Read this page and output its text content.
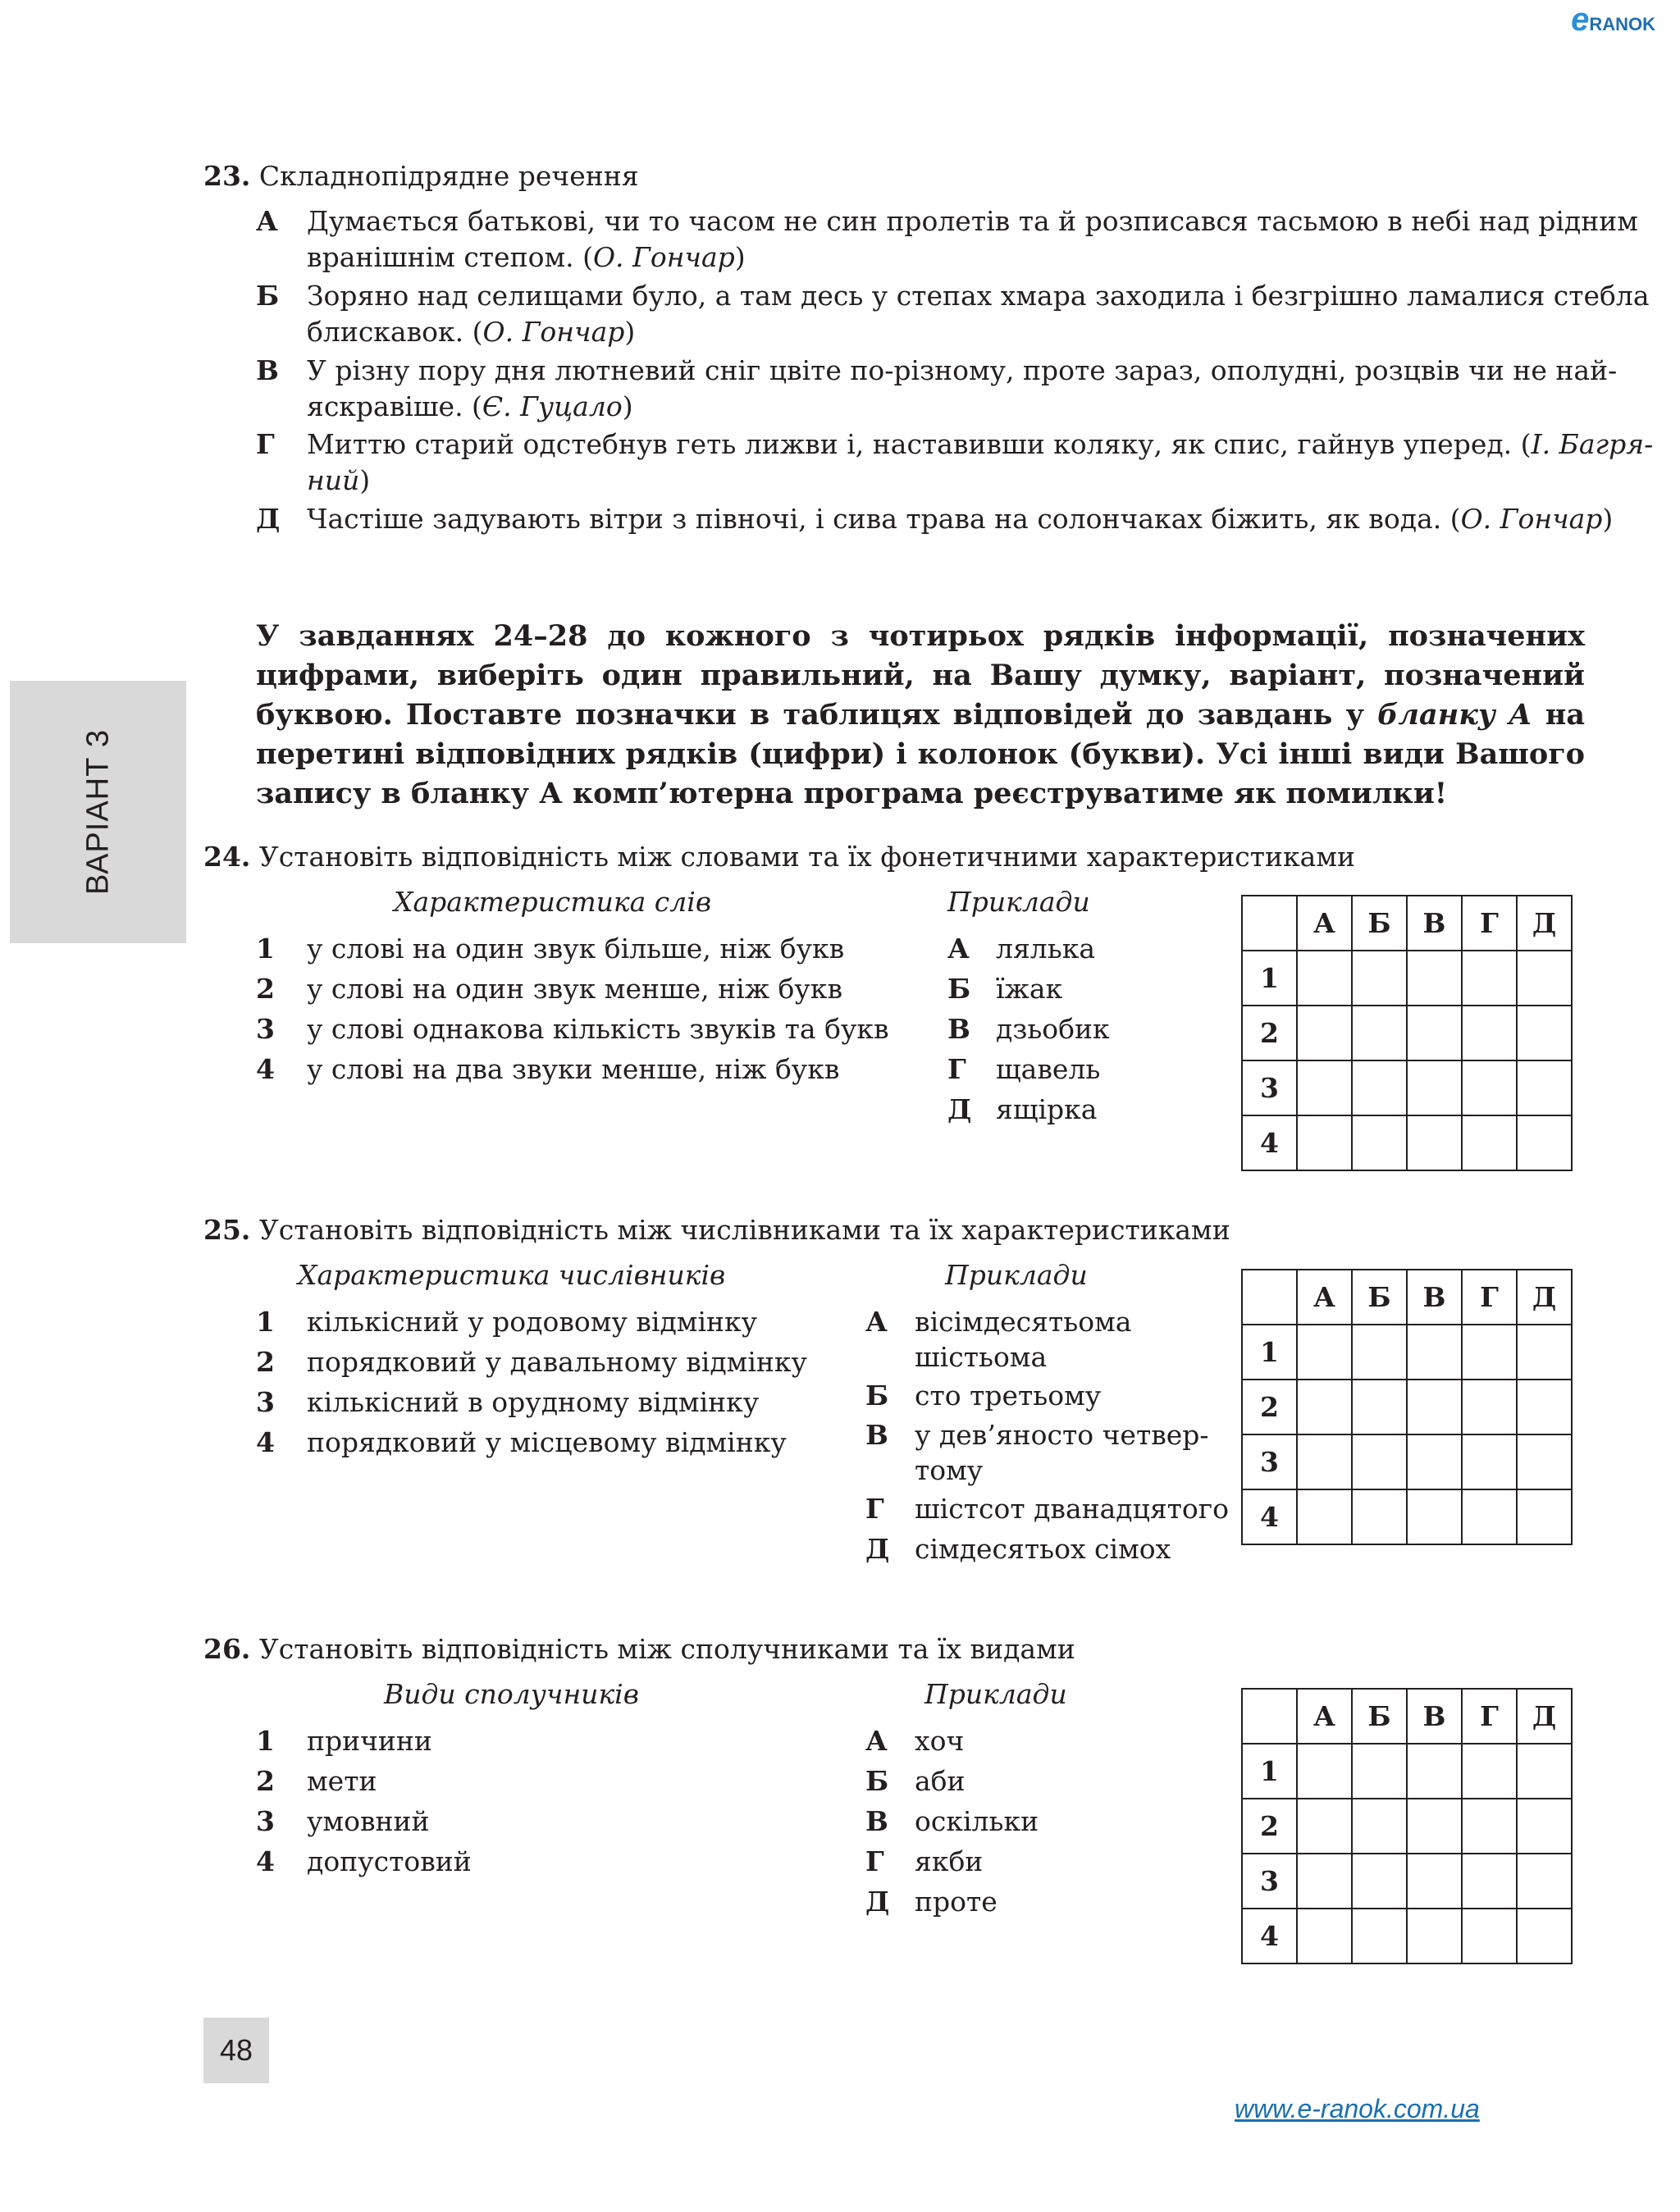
eRANOK
ВАРІАНТ 3
23. Складнопідрядне речення
А Думається батькові, чи то часом не син пролетів та й розписався тасьмою в небі над рідним
вранішнім степом. (О. Гончар)
Б Зоряно над селищами було, а там десь у степах хмара заходила і безгрішно ламалися стебла
блискавок. (О. Гончар)
В У різну пору дня лютневий сніг цвіте по-різному, проте зараз, ополудні, розцвів чи не най-
яскравіше. (Є. Гуцало)
Г Миттю старий одстебнув геть лижви і, наставивши коляку, як спис, гайнув уперед. (І. Багря-
ний)
Д Частіше задувають вітри з півночі, і сива трава на солончаках біжить, як вода. (О. Гончар)
У завданнях 24–28 до кожного з чотирьох рядків інформації, позначених цифрами, виберіть один правильний, на Вашу думку, варіант, позначений буквою. Поставте позначки в таблицях відповідей до завдань у бланку А на перетині відповідних рядків (цифри) і колонок (букви). Усі інші види Вашого запису в бланку А комп’ютерна програма реєструватиме як помилки!
24. Установіть відповідність між словами та їх фонетичними характеристиками
Характеристика слів	Приклади
1 у слові на один звук більше, ніж букв
2 у слові на один звук менше, ніж букв
3 у слові однакова кількість звуків та букв
4 у слові на два звуки менше, ніж букв
А лялька
Б їжак
В дзьобик
Г щавель
Д ящірка
	А	Б	В	Г	Д
1					
2					
3					
4					
25. Установіть відповідність між числівниками та їх характеристиками
Характеристика числівників	Приклади
1 кількісний у родовому відмінку
2 порядковий у давальному відмінку
3 кількісний в орудному відмінку
4 порядковий у місцевому відмінку
А вісімдесятьома
шістьома
Б сто третьому
В у дев’яносто четвер-
тому
Г шістсот дванадцятого
Д сімдесятьох сімох
	А	Б	В	Г	Д
1					
2					
3					
4					
26. Установіть відповідність між сполучниками та їх видами
Види сполучників	Приклади
1 причини
2 мети
3 умовний
4 допустовий
А хоч
Б аби
В оскільки
Г якби
Д проте
	А	Б	В	Г	Д
1					
2					
3					
4					
48
www.e-ranok.com.ua
